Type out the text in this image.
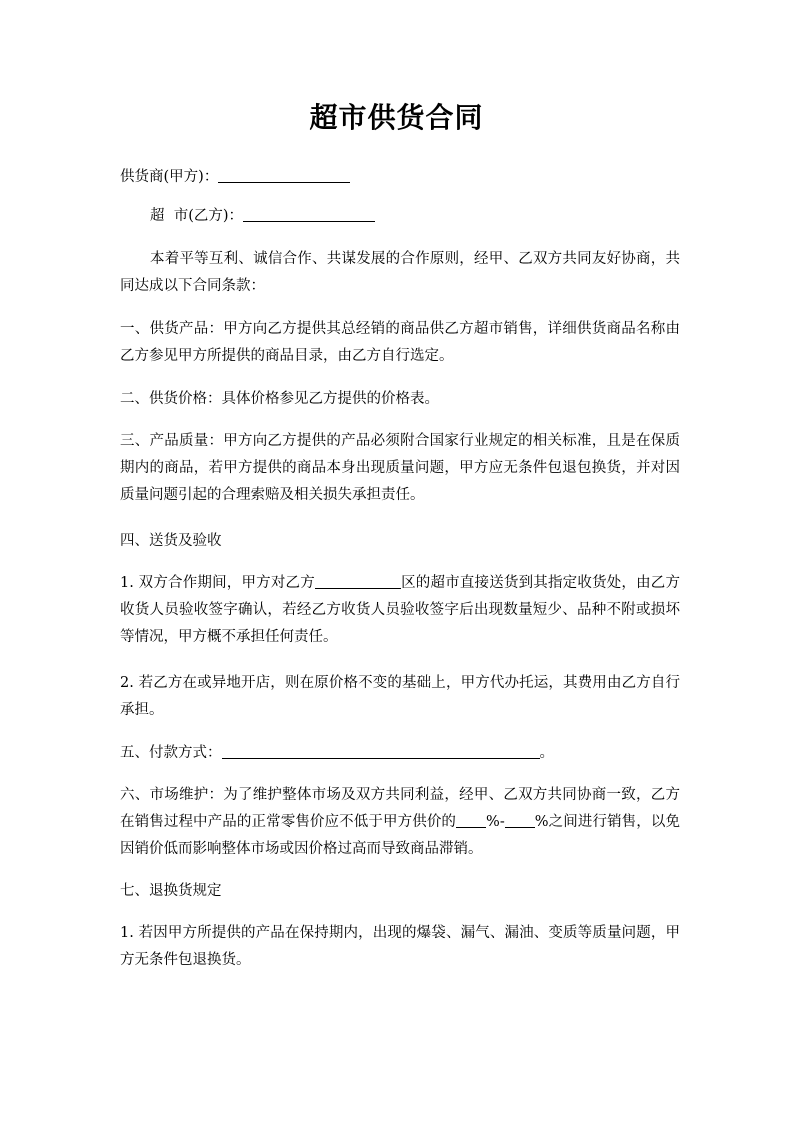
超市供货合同
供货商(甲方)：
超  市(乙方)：
本着平等互利、诚信合作、共谋发展的合作原则，经甲、乙双方共同友好协商，共同达成以下合同条款：
一、供货产品：甲方向乙方提供其总经销的商品供乙方超市销售，详细供货商品名称由乙方参见甲方所提供的商品目录，由乙方自行选定。
二、供货价格：具体价格参见乙方提供的价格表。
三、产品质量：甲方向乙方提供的产品必须附合国家行业规定的相关标准，且是在保质期内的商品，若甲方提供的商品本身出现质量问题，甲方应无条件包退包换货，并对因质量问题引起的合理索赔及相关损失承担责任。
四、送货及验收
1. 双方合作期间，甲方对乙方	区的超市直接送货到其指定收货处，由乙方收货人员验收签字确认，若经乙方收货人员验收签字后出现数量短少、品种不附或损坏等情况，甲方概不承担任何责任。
2. 若乙方在或异地开店，则在原价格不变的基础上，甲方代办托运，其费用由乙方自行承担。
五、付款方式：	。
六、市场维护：为了维护整体市场及双方共同利益，经甲、乙双方共同协商一致，乙方在销售过程中产品的正常零售价应不低于甲方供价的 %- %之间进行销售，以免因销价低而影响整体市场或因价格过高而导致商品滞销。
七、退换货规定
1. 若因甲方所提供的产品在保持期内，出现的爆袋、漏气、漏油、变质等质量问题，甲方无条件包退换货。
